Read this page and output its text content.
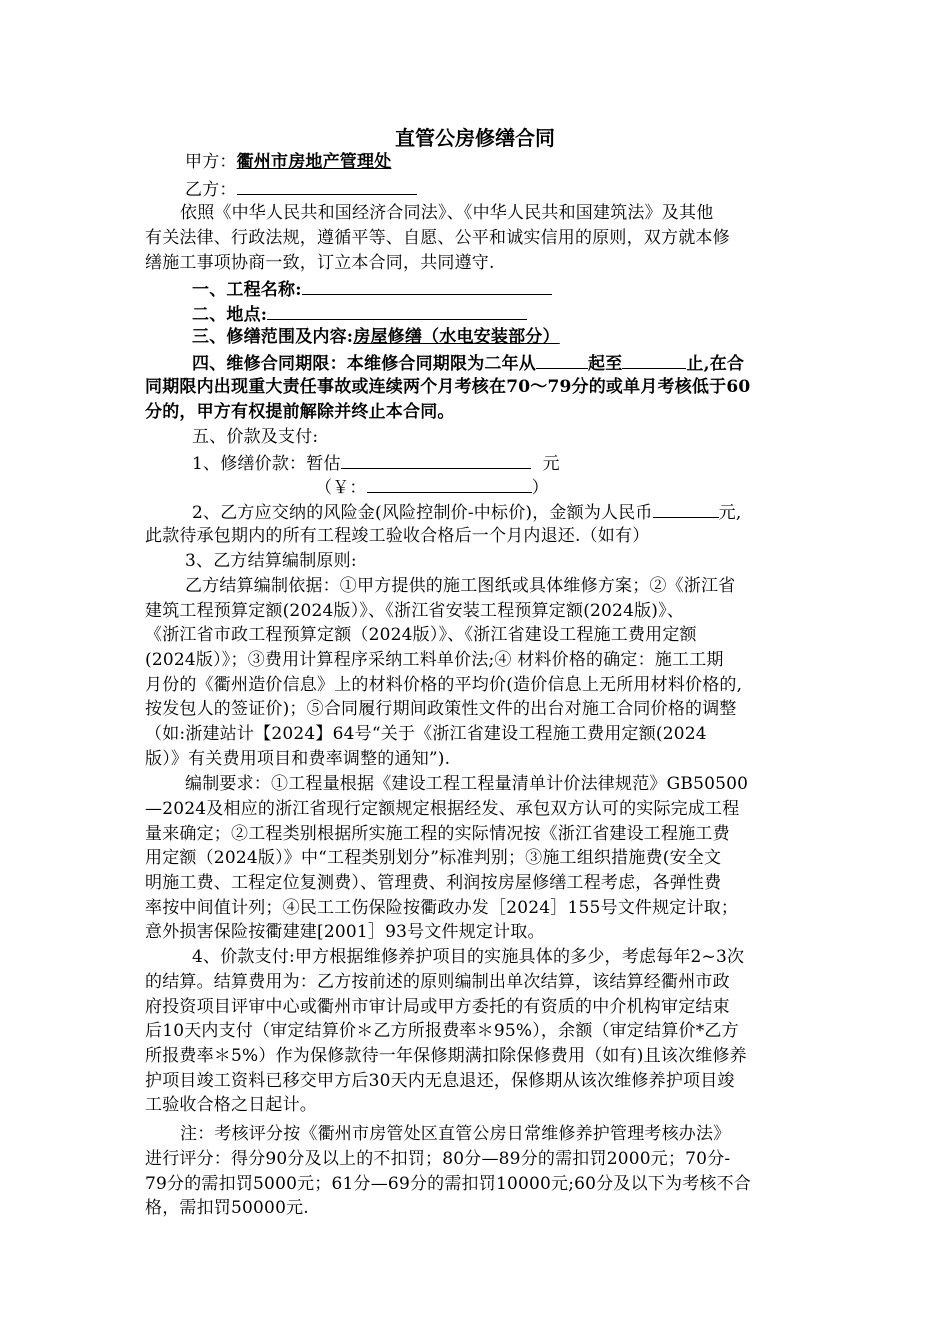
直管公房修缮合同
甲方：衢州市房地产管理处
乙方：
依照《中华人民共和国经济合同法》、《中华人民共和国建筑法》及其他
有关法律、行政法规，遵循平等、自愿、公平和诚实信用的原则，双方就本修
缮施工事项协商一致，订立本合同，共同遵守.
一、工程名称:
二、地点:
三、修缮范围及内容:房屋修缮（水电安装部分）
四、维修合同期限：本维修合同期限为二年从	起至	止,在合
同期限内出现重大责任事故或连续两个月考核在70～79分的或单月考核低于60
分的，甲方有权提前解除并终止本合同。
五、价款及支付:
1、修缮价款：暂估	元
（￥：	）
2、乙方应交纳的风险金(风险控制价-中标价)，金额为人民币	元,
此款待承包期内的所有工程竣工验收合格后一个月内退还.（如有）
3、乙方结算编制原则:
乙方结算编制依据：①甲方提供的施工图纸或具体维修方案；②《浙江省
建筑工程预算定额(2024版）》、《浙江省安装工程预算定额(2024版)》、
《浙江省市政工程预算定额（2024版）》、《浙江省建设工程施工费用定额
(2024版）》；③费用计算程序采纳工料单价法;④ 材料价格的确定：施工工期
月份的《衢州造价信息》上的材料价格的平均价(造价信息上无所用材料价格的,
按发包人的签证价)；⑤合同履行期间政策性文件的出台对施工合同价格的调整
（如:浙建站计【2024】64号“关于《浙江省建设工程施工费用定额(2024
版）》有关费用项目和费率调整的通知”).
编制要求：①工程量根据《建设工程工程量清单计价法律规范》GB50500
—2024及相应的浙江省现行定额规定根据经发、承包双方认可的实际完成工程
量来确定；②工程类别根据所实施工程的实际情况按《浙江省建设工程施工费
用定额（2024版）》中“工程类别划分”标准判别；③施工组织措施费(安全文
明施工费、工程定位复测费）、管理费、利润按房屋修缮工程考虑，各弹性费
率按中间值计列；④民工工伤保险按衢政办发［2024］155号文件规定计取；
意外损害保险按衢建建[2001］93号文件规定计取。
4、价款支付:甲方根据维修养护项目的实施具体的多少，考虑每年2~3次
的结算。结算费用为：乙方按前述的原则编制出单次结算，该结算经衢州市政
府投资项目评审中心或衢州市审计局或甲方委托的有资质的中介机构审定结束
后10天内支付（审定结算价＊乙方所报费率＊95%），余额（审定结算价*乙方
所报费率＊5%）作为保修款待一年保修期满扣除保修费用（如有)且该次维修养
护项目竣工资料已移交甲方后30天内无息退还，保修期从该次维修养护项目竣
工验收合格之日起计。
注：考核评分按《衢州市房管处区直管公房日常维修养护管理考核办法》
进行评分：得分90分及以上的不扣罚；80分—89分的需扣罚2000元；70分-
79分的需扣罚5000元；61分—69分的需扣罚10000元;60分及以下为考核不合
格，需扣罚50000元.
